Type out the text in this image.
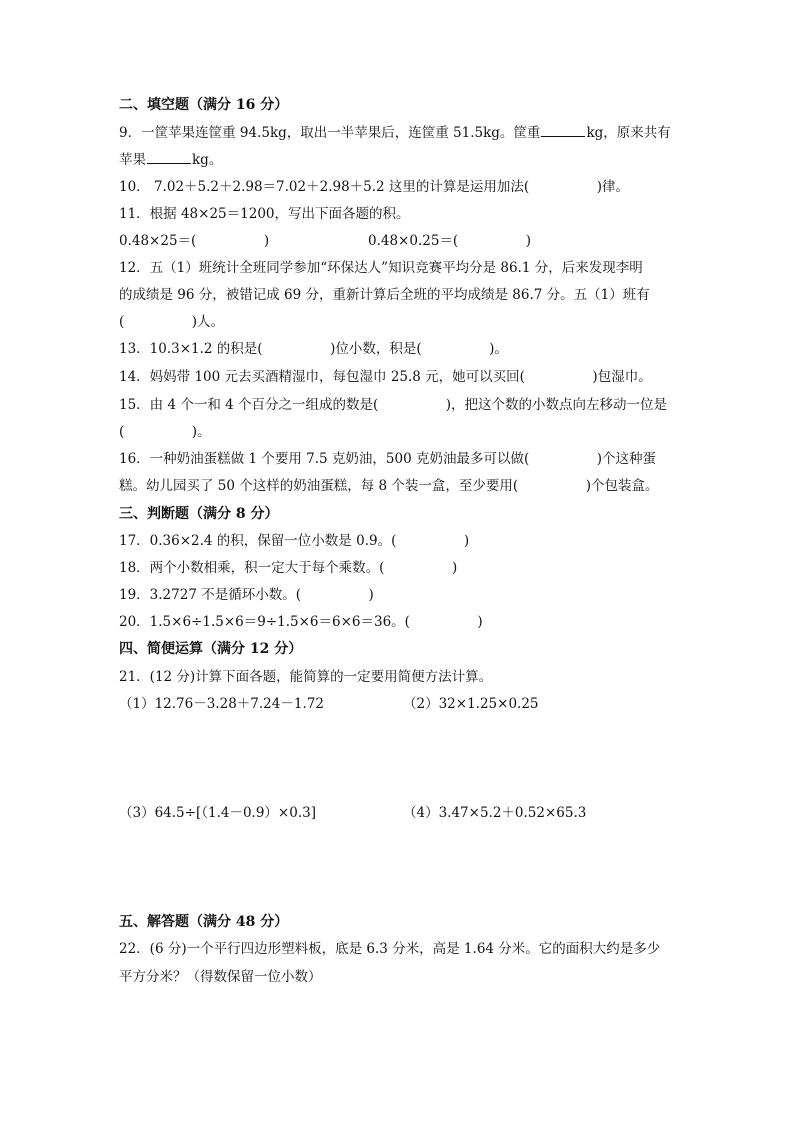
二、填空题（满分 16 分）
9．一筐苹果连筐重 94.5kg，取出一半苹果后，连筐重 51.5kg。筐重	kg，原来共有
苹果	kg。
10． 7.02＋5.2＋2.98＝7.02＋2.98＋5.2 这里的计算是运用加法(　　　　　)律。
11．根据 48×25＝1200，写出下面各题的积。
0.48×25＝(　　　　　)	0.48×0.25＝(　　　　　)
12．五（1）班统计全班同学参加“环保达人”知识竞赛平均分是 86.1 分，后来发现李明
的成绩是 96 分，被错记成 69 分，重新计算后全班的平均成绩是 86.7 分。五（1）班有
(　　　　　)人。
13．10.3×1.2 的积是(　　　　　)位小数，积是(　　　　　)。
14．妈妈带 100 元去买酒精湿巾，每包湿巾 25.8 元，她可以买回(　　　　　)包湿巾。
15．由 4 个一和 4 个百分之一组成的数是(　　　　　)，把这个数的小数点向左移动一位是
(　　　　　)。
16．一种奶油蛋糕做 1 个要用 7.5 克奶油，500 克奶油最多可以做(　　　　　)个这种蛋
糕。幼儿园买了 50 个这样的奶油蛋糕，每 8 个装一盒，至少要用(　　　　　)个包装盒。
三、判断题（满分 8 分）
17．0.36×2.4 的积，保留一位小数是 0.9。(　　　　　)
18．两个小数相乘，积一定大于每个乘数。(　　　　　)
19．3.2727 不是循环小数。(　　　　　)
20．1.5×6÷1.5×6＝9÷1.5×6＝6×6＝36。(　　　　　)
四、简便运算（满分 12 分）
21．(12 分)计算下面各题，能简算的一定要用简便方法计算。
（1）12.76－3.28＋7.24－1.72	（2）32×1.25×0.25
（3）64.5÷[（1.4－0.9）×0.3]	（4）3.47×5.2＋0.52×65.3
五、解答题（满分 48 分）
22．(6 分)一个平行四边形塑料板，底是 6.3 分米，高是 1.64 分米。它的面积大约是多少
平方分米？（得数保留一位小数）
